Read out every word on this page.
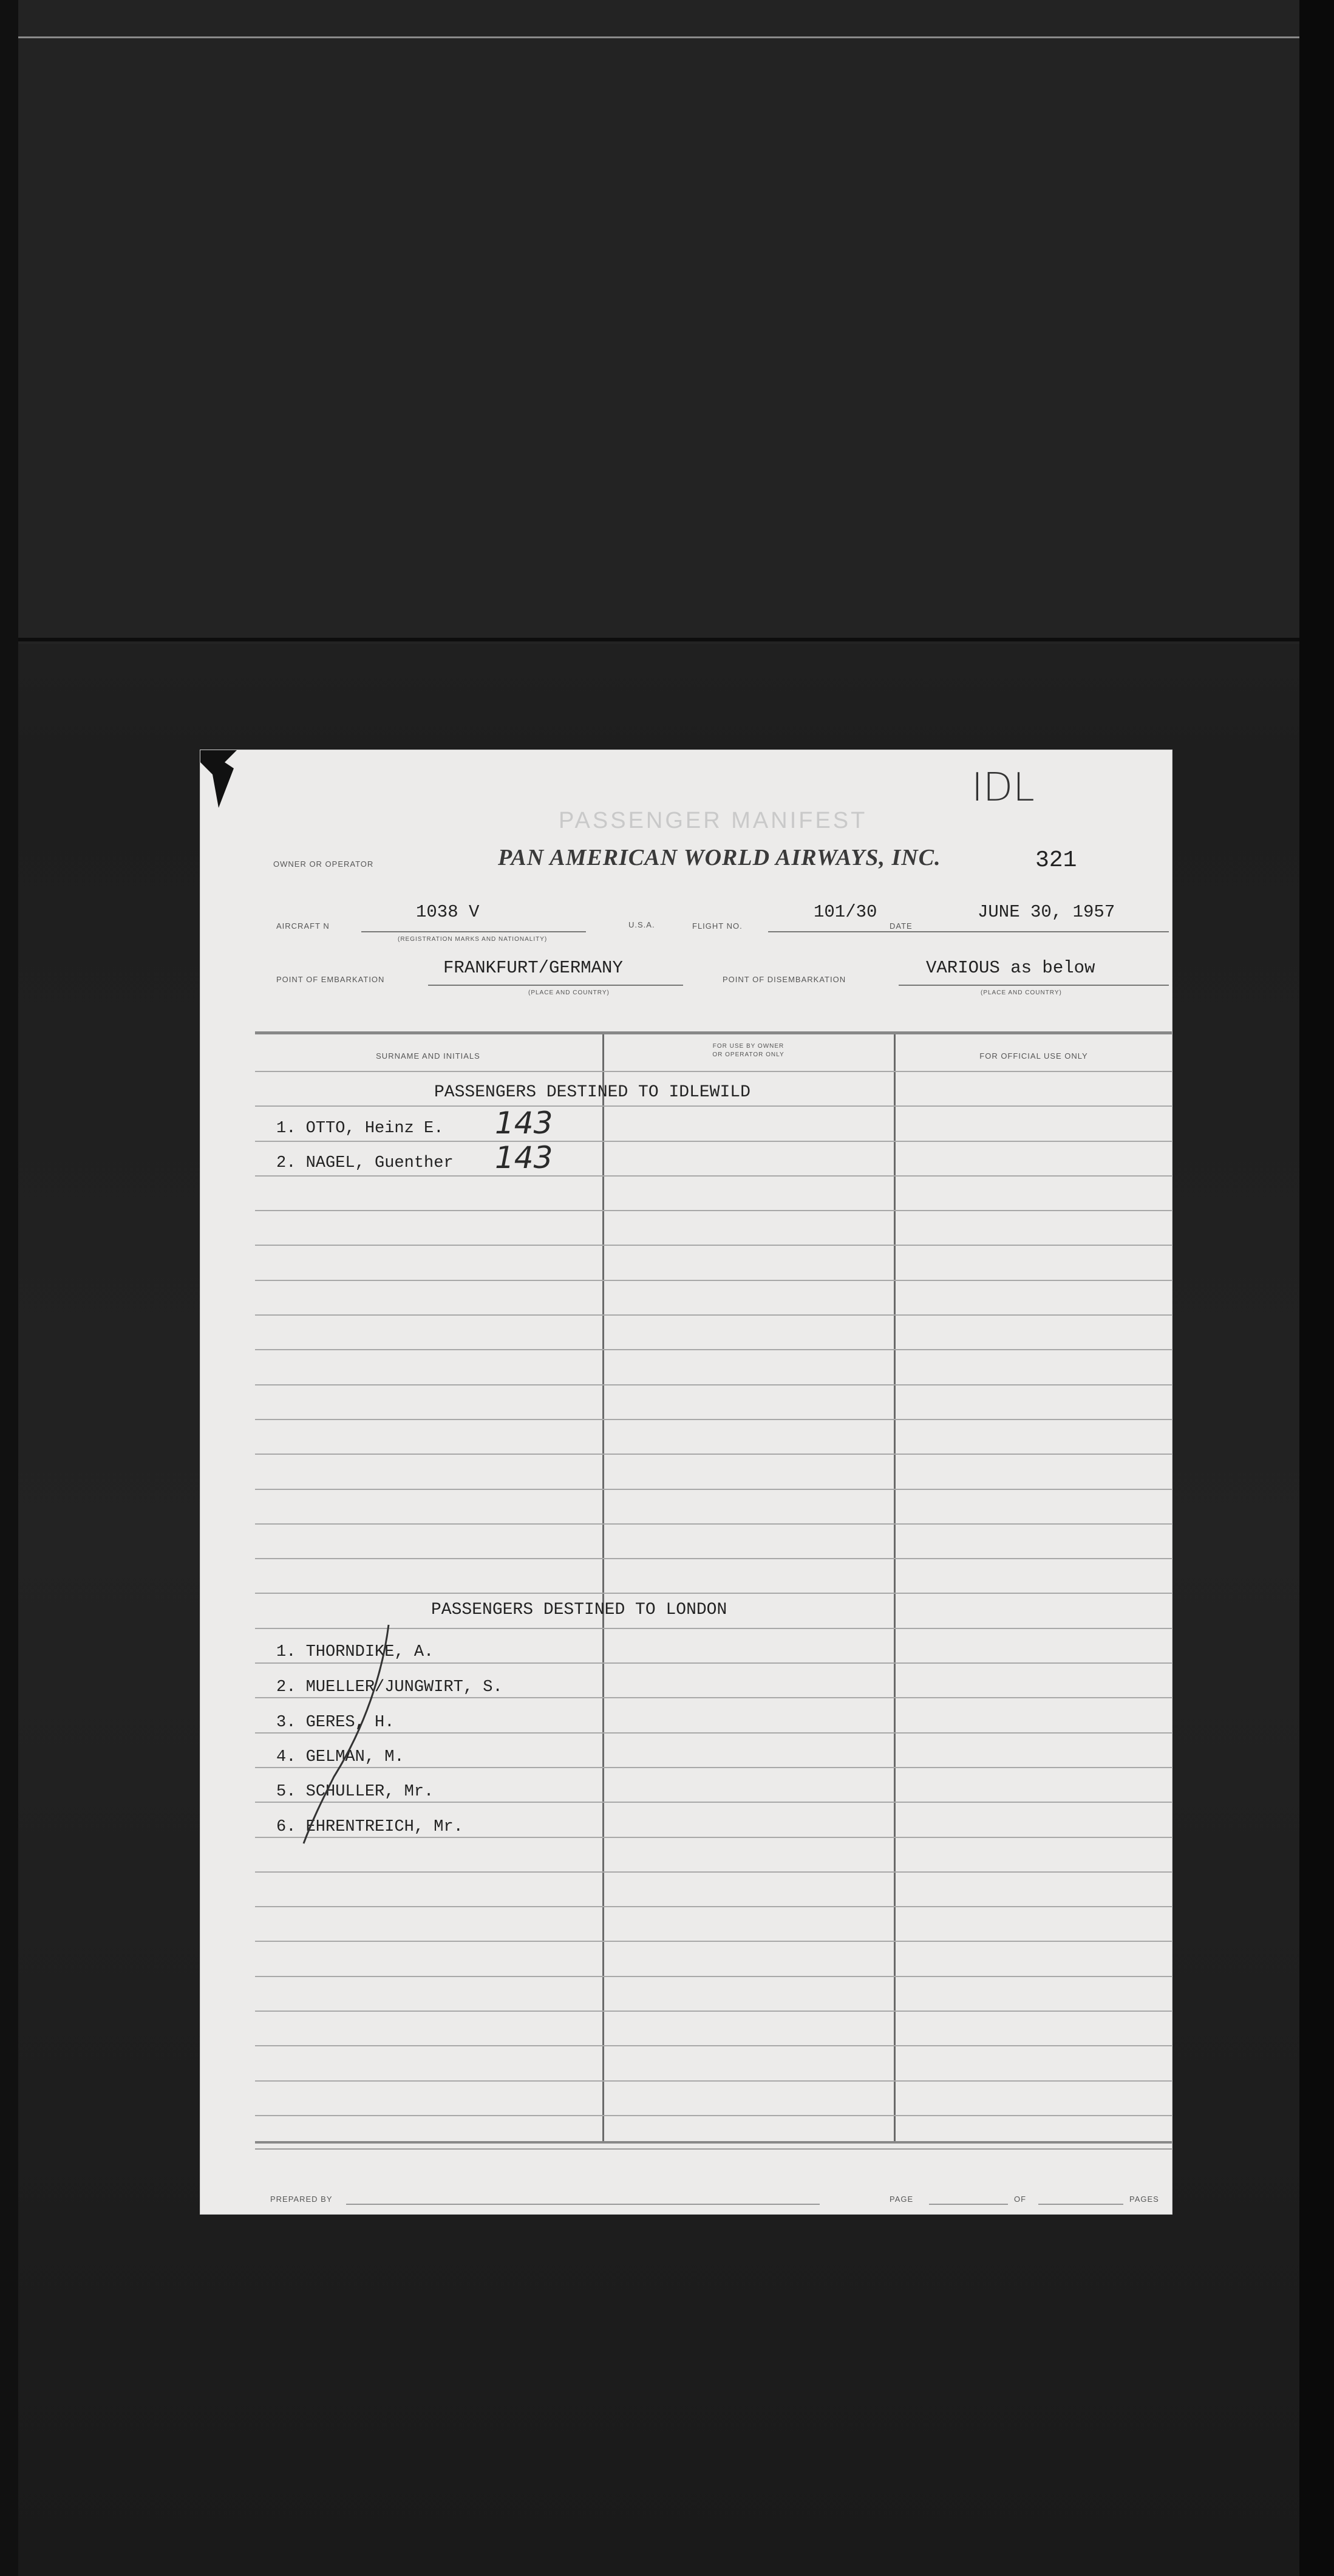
PASSENGER MANIFEST
IDL
OWNER OR OPERATOR	PAN AMERICAN WORLD AIRWAYS, INC.	321
AIRCRAFT N
1038 V
(REGISTRATION MARKS AND NATIONALITY)
U.S.A.	FLIGHT NO.
101/30
DATE
JUNE 30, 1957
POINT OF EMBARKATION
FRANKFURT/GERMANY
(PLACE AND COUNTRY)
POINT OF DISEMBARKATION
VARIOUS as below
(PLACE AND COUNTRY)
SURNAME AND INITIALS
FOR USE BY OWNER
OR OPERATOR ONLY	FOR OFFICIAL USE ONLY
PASSENGERS DESTINED TO IDLEWILD
1. OTTO, Heinz E. 143
2. NAGEL, Guenther 143
PASSENGERS DESTINED TO LONDON
1. THORNDIKE, A.
2. MUELLER/JUNGWIRT, S.
3. GERES, H.
4. GELMAN, M.
5. SCHULLER, Mr.
6. EHRENTREICH, Mr.
PREPARED BY	PAGE	OF	PAGES
